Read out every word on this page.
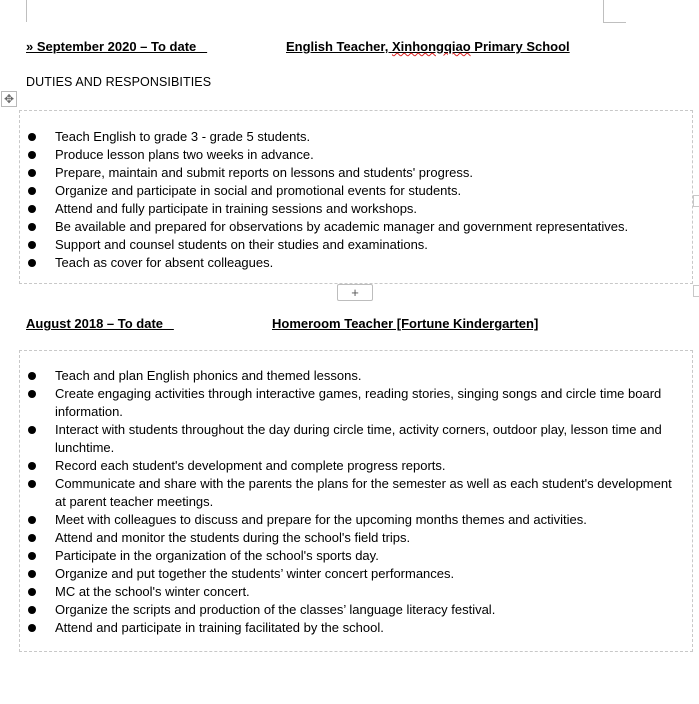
» September 2020 – To date	English Teacher, Xinhongqiao Primary School
DUTIES AND RESPONSIBITIES
✥
Teach English to grade 3 - grade 5 students.
Produce lesson plans two weeks in advance.
Prepare, maintain and submit reports on lessons and students' progress.
Organize and participate in social and promotional events for students.
Attend and fully participate in training sessions and workshops.
Be available and prepared for observations by academic manager and government representatives.
Support and counsel students on their studies and examinations.
Teach as cover for absent colleagues.
+
August 2018 – To date	Homeroom Teacher [Fortune Kindergarten]
Teach and plan English phonics and themed lessons.
Create engaging activities through interactive games, reading stories, singing songs and circle time board information.
Interact with students throughout the day during circle time, activity corners, outdoor play, lesson time and lunchtime.
Record each student's development and complete progress reports.
Communicate and share with the parents the plans for the semester as well as each student's development at parent teacher meetings.
Meet with colleagues to discuss and prepare for the upcoming months themes and activities.
Attend and monitor the students during the school's field trips.
Participate in the organization of the school's sports day.
Organize and put together the students’ winter concert performances.
MC at the school's winter concert.
Organize the scripts and production of the classes’ language literacy festival.
Attend and participate in training facilitated by the school.
